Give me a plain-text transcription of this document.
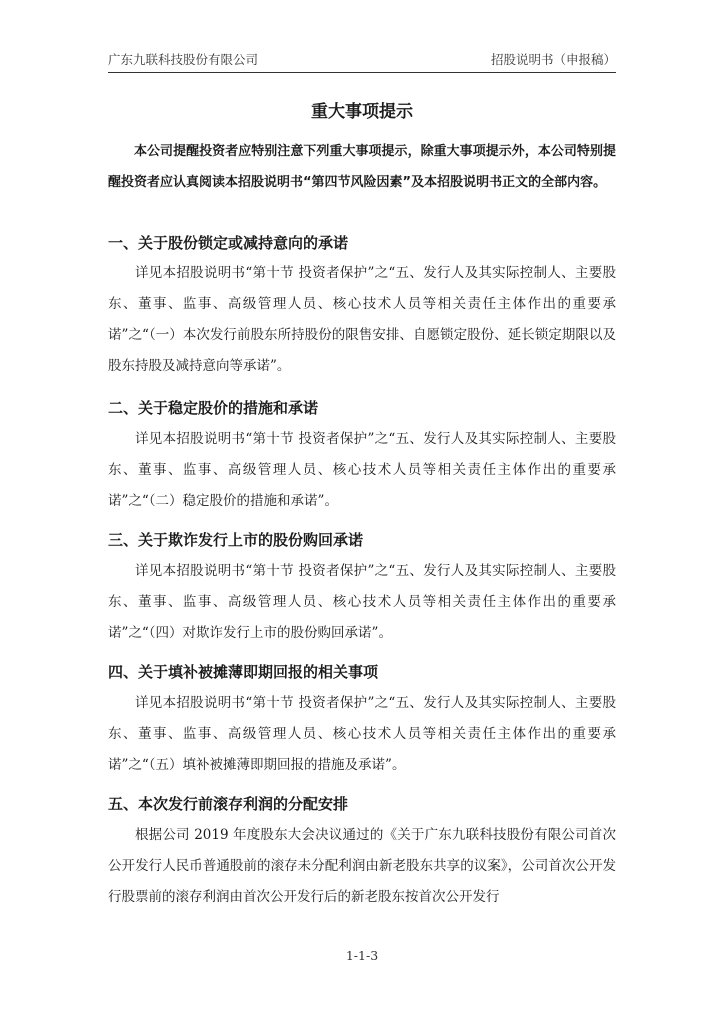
广东九联科技股份有限公司	招股说明书（申报稿）
重大事项提示

本公司提醒投资者应特别注意下列重大事项提示，除重大事项提示外，本公司特别提醒投资者应认真阅读本招股说明书“第四节风险因素”及本招股说明书正文的全部内容。

一、关于股份锁定或减持意向的承诺

详见本招股说明书“第十节 投资者保护”之“五、发行人及其实际控制人、主要股东、董事、监事、高级管理人员、核心技术人员等相关责任主体作出的重要承诺”之“（一）本次发行前股东所持股份的限售安排、自愿锁定股份、延长锁定期限以及股东持股及减持意向等承诺”。

二、关于稳定股价的措施和承诺

详见本招股说明书“第十节 投资者保护”之“五、发行人及其实际控制人、主要股东、董事、监事、高级管理人员、核心技术人员等相关责任主体作出的重要承诺”之“（二）稳定股价的措施和承诺”。

三、关于欺诈发行上市的股份购回承诺

详见本招股说明书“第十节 投资者保护”之“五、发行人及其实际控制人、主要股东、董事、监事、高级管理人员、核心技术人员等相关责任主体作出的重要承诺”之“（四）对欺诈发行上市的股份购回承诺”。

四、关于填补被摊薄即期回报的相关事项

详见本招股说明书“第十节 投资者保护”之“五、发行人及其实际控制人、主要股东、董事、监事、高级管理人员、核心技术人员等相关责任主体作出的重要承诺”之“（五）填补被摊薄即期回报的措施及承诺”。

五、本次发行前滚存利润的分配安排

根据公司 2019 年度股东大会决议通过的《关于广东九联科技股份有限公司首次公开发行人民币普通股前的滚存未分配利润由新老股东共享的议案》，公司首次公开发行股票前的滚存利润由首次公开发行后的新老股东按首次公开发行

1-1-3
